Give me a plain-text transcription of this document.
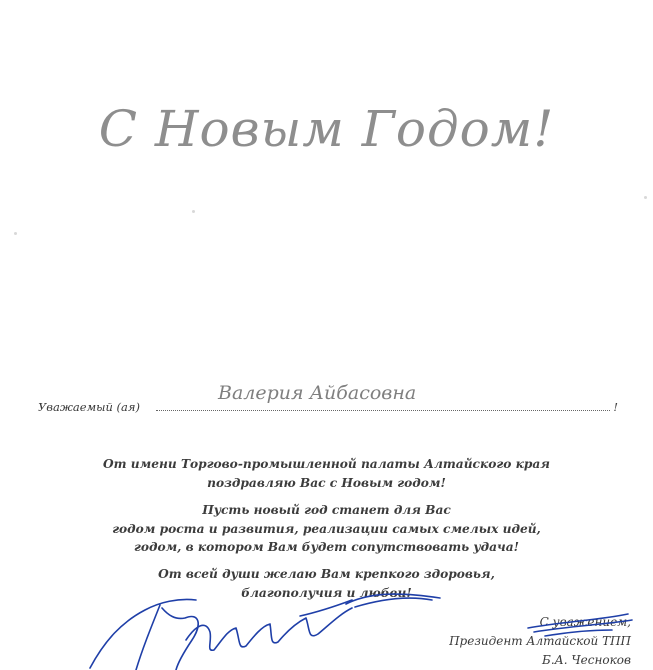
С Новым Годом!
Уважаемый (ая)	!
Валерия Айбасовна
От имени Торгово-промышленной палаты Алтайского края
поздравляю Вас с Новым годом!
Пусть новый год станет для Вас
годом роста и развития, реализации самых смелых идей,
годом, в котором Вам будет сопутствовать удача!
От всей души желаю Вам крепкого здоровья,
благополучия и любви!
С уважением,
Президент Алтайской ТПП
Б.А. Чесноков
